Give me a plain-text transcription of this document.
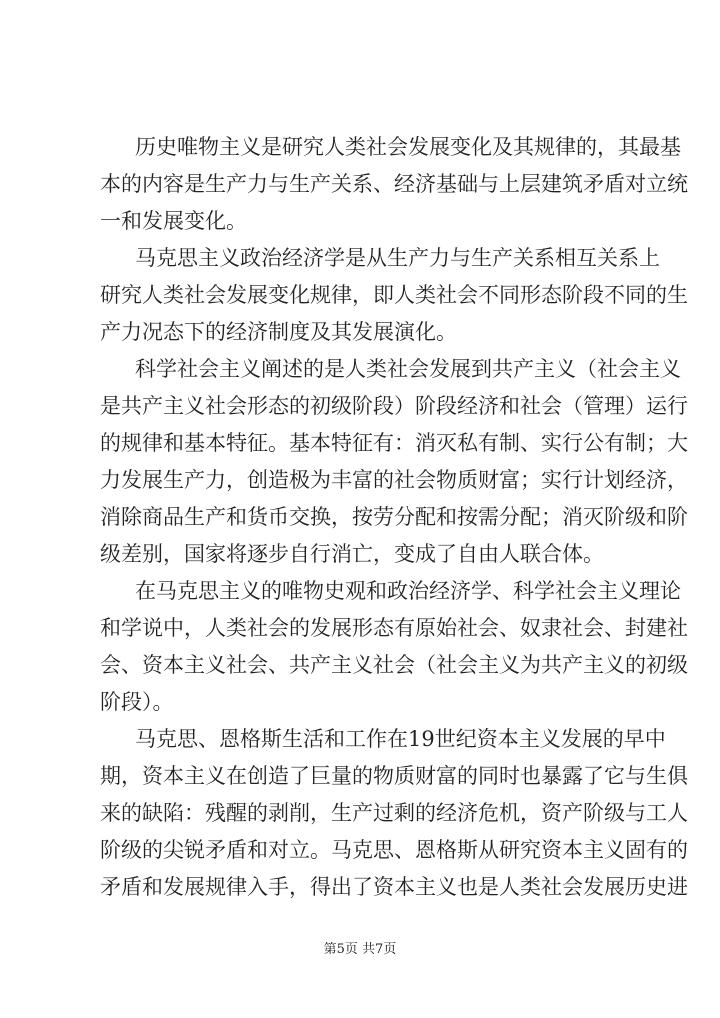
历史唯物主义是研究人类社会发展变化及其规律的，其最基
本的内容是生产力与生产关系、经济基础与上层建筑矛盾对立统
一和发展变化。
马克思主义政治经济学是从生产力与生产关系相互关系上
研究人类社会发展变化规律，即人类社会不同形态阶段不同的生
产力况态下的经济制度及其发展演化。
科学社会主义阐述的是人类社会发展到共产主义（社会主义
是共产主义社会形态的初级阶段）阶段经济和社会（管理）运行
的规律和基本特征。基本特征有：消灭私有制、实行公有制；大
力发展生产力，创造极为丰富的社会物质财富；实行计划经济，
消除商品生产和货币交换，按劳分配和按需分配；消灭阶级和阶
级差别，国家将逐步自行消亡，变成了自由人联合体。
在马克思主义的唯物史观和政治经济学、科学社会主义理论
和学说中，人类社会的发展形态有原始社会、奴隶社会、封建社
会、资本主义社会、共产主义社会（社会主义为共产主义的初级
阶段）。
马克思、恩格斯生活和工作在19世纪资本主义发展的早中
期，资本主义在创造了巨量的物质财富的同时也暴露了它与生俱
来的缺陷：残醒的剥削，生产过剩的经济危机，资产阶级与工人
阶级的尖锐矛盾和对立。马克思、恩格斯从研究资本主义固有的
矛盾和发展规律入手，得出了资本主义也是人类社会发展历史进
第5页 共7页
